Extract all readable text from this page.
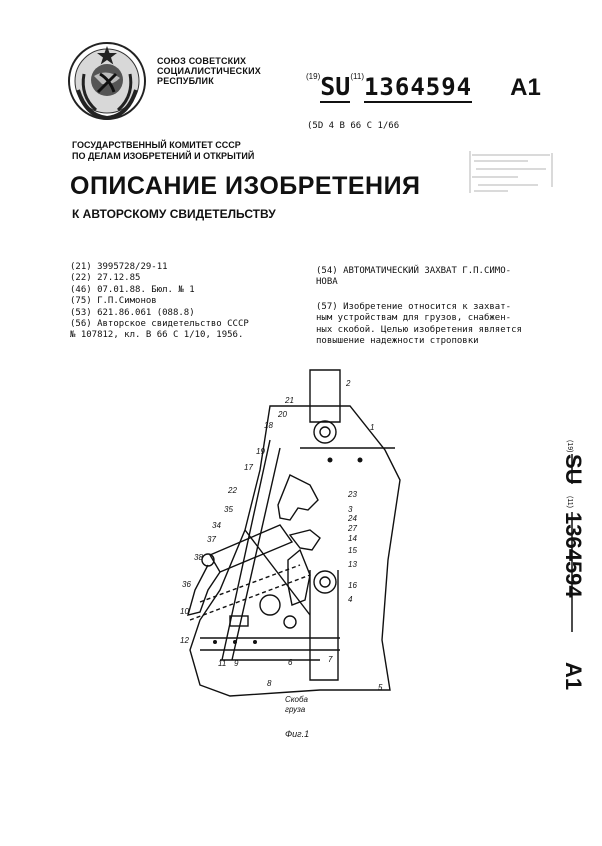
СОЮЗ СОВЕТСКИХ
СОЦИАЛИСТИЧЕСКИХ
РЕСПУБЛИК	$^{(19)}$SU$^{(11)}$1364594 A1
(5D 4 B 66 C 1/66
ГОСУДАРСТВЕННЫЙ КОМИТЕТ СССР
ПО ДЕЛАМ ИЗОБРЕТЕНИЙ И ОТКРЫТИЙ
ОПИСАНИЕ ИЗОБРЕТЕНИЯ
К АВТОРСКОМУ СВИДЕТЕЛЬСТВУ
(21) 3995728/29-11
(22) 27.12.85
(46) 07.01.88. Бюл. № 1
(75) Г.П.Симонов
(53) 621.86.061 (088.8)
(56) Авторское свидетельство СССР
№ 107812, кл. В 66 С 1/10, 1956.
(54) АВТОМАТИЧЕСКИЙ ЗАХВАТ Г.П.СИМО-
НОВА
(57) Изобретение относится к захват-
ным устройствам для грузов, снабжен-
ных скобой. Целью изобретения является
повышение надежности строповки
2
1
3
4
5
6	7
8
9
10
11
12
13
14
15
16
17
18
19
20
21
22	23
24
27
34
35
36
37
38
Скоба
груза
Фиг.1
(19)
SU
(11)
1364594
A1
